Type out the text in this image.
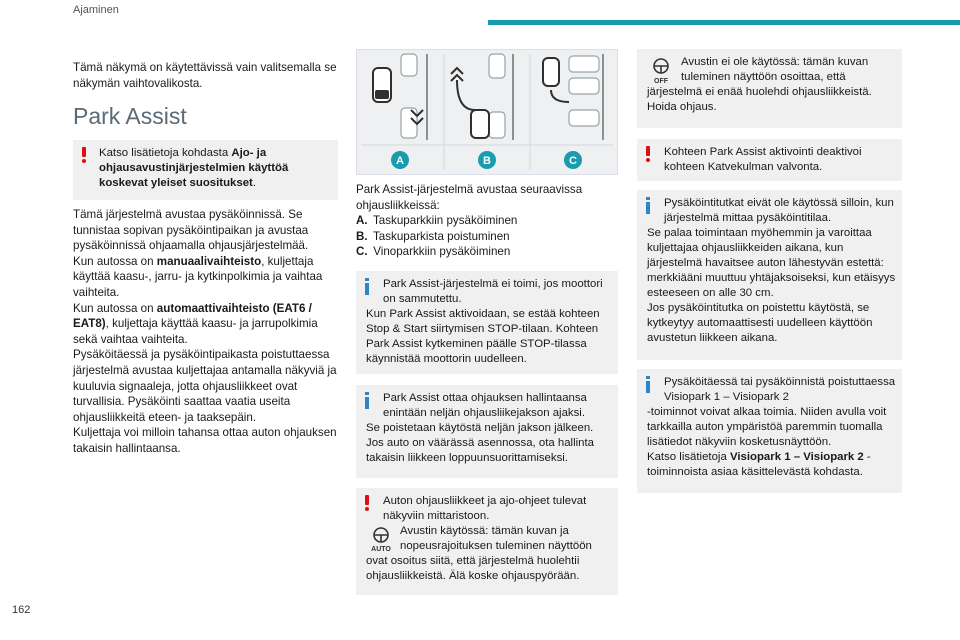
Ajaminen
162

Tämä näkymä on käytettävissä vain valitsemalla se näkymän vaihtovalikosta.

Park Assist
Katso lisätietoja kohdasta Ajo- ja ohjausavustinjärjestelmien käyttöä koskevat yleiset suositukset.

Tämä järjestelmä avustaa pysäköinnissä. Se tunnistaa sopivan pysäköintipaikan ja avustaa pysäköinnissä ohjaamalla ohjausjärjestelmää.

Kun autossa on manuaalivaihteisto, kuljettaja käyttää kaasu-, jarru- ja kytkinpolkimia ja vaihtaa vaihteita.

Kun autossa on automaattivaihteisto (EAT6 / EAT8), kuljettaja käyttää kaasu- ja jarrupolkimia sekä vaihtaa vaihteita.

Pysäköitäessä ja pysäköintipaikasta poistuttaessa järjestelmä avustaa kuljettajaa antamalla näkyviä ja kuuluvia signaaleja, jotta ohjausliikkeet ovat turvallisia. Pysäköinti saattaa vaatia useita ohjausliikkeitä eteen- ja taaksepäin.

Kuljettaja voi milloin tahansa ottaa auton ohjauksen takaisin hallintaansa.

A	B	C

Park Assist-järjestelmä avustaa seuraavissa ohjausliikkeissä:

A. Taskuparkkiin pysäköiminen

B. Taskuparkista poistuminen

C. Vinoparkkiin pysäköiminen

Park Assist-järjestelmä ei toimi, jos moottori on sammutettu.
Kun Park Assist aktivoidaan, se estää kohteen Stop & Start siirtymisen STOP-tilaan. Kohteen Park Assist kytkeminen päälle STOP-tilassa käynnistää moottorin uudelleen.
Park Assist ottaa ohjauksen hallintaansa enintään neljän ohjausliikejakson ajaksi.
Se poistetaan käytöstä neljän jakson jälkeen. Jos auto on väärässä asennossa, ota hallinta takaisin liikkeen loppuunsuorittamiseksi.
Auton ohjausliikkeet ja ajo-ohjeet tulevat näkyviin mittaristoon.
AUTO
Avustin käytössä: tämän kuvan ja nopeusrajoituksen tuleminen näyttöön
ovat osoitus siitä, että järjestelmä huolehtii ohjausliikkeistä. Älä koske ohjauspyörään.
OFF
Avustin ei ole käytössä: tämän kuvan tuleminen näyttöön osoittaa, että
järjestelmä ei enää huolehdi ohjausliikkeistä. Hoida ohjaus.
Kohteen Park Assist aktivointi deaktivoi kohteen Katvekulman valvonta.
Pysäköintitutkat eivät ole käytössä silloin, kun järjestelmä mittaa pysäköintitilaa.
Se palaa toimintaan myöhemmin ja varoittaa kuljettajaa ohjausliikkeiden aikana, kun järjestelmä havaitsee auton lähestyvän estettä: merkkiääni muuttuu yhtäjaksoiseksi, kun etäisyys esteeseen on alle 30 cm.
Jos pysäköintitutka on poistettu käytöstä, se kytkeytyy automaattisesti uudelleen käyttöön avustetun liikkeen aikana.
Pysäköitäessä tai pysäköinnistä poistuttaessa Visiopark 1 – Visiopark 2
-toiminnot voivat alkaa toimia. Niiden avulla voit tarkkailla auton ympäristöä paremmin tuomalla lisätiedot näkyviin kosketusnäyttöön.
Katso lisätietoja Visiopark 1 – Visiopark 2 -toiminnoista asiaa käsittelevästä kohdasta.
